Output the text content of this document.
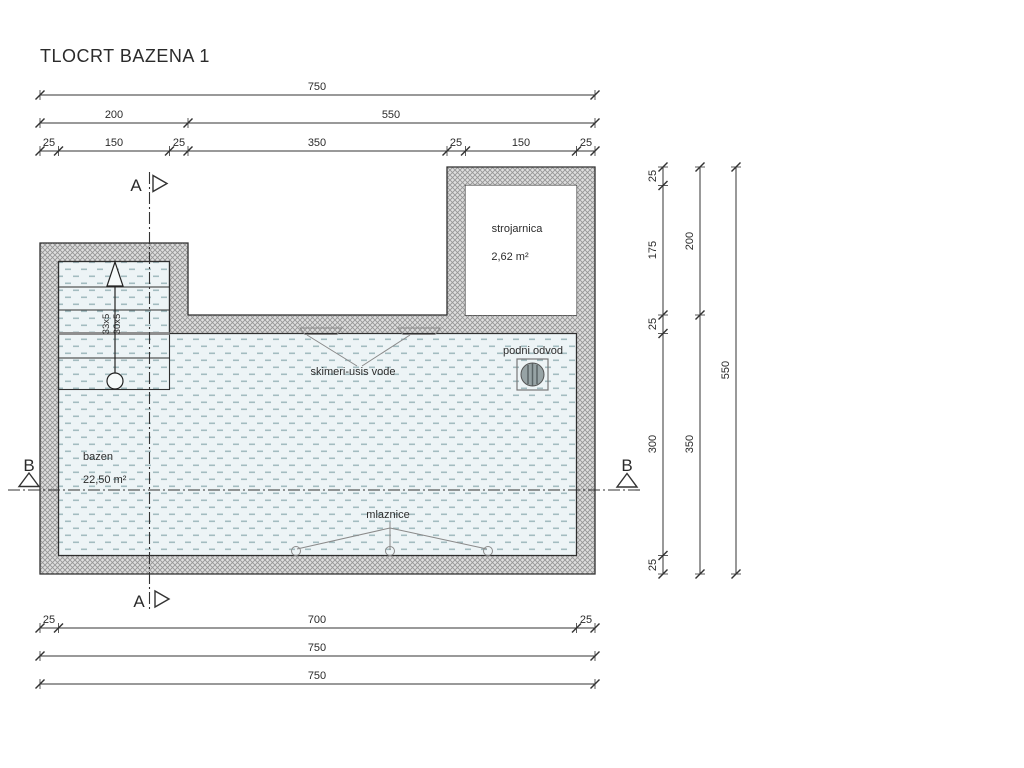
TLOCRT BAZENA 1
strojarnica
2,62 m²
33x5 30x5
bazen
22,50 m²
skimeri-usis vode
podni odvod
mlaznice
A
A
B	B
750
200	550
25	150	25	350	25	150	25
25
175
25
300
25
200
350
550
25	700	25
750
750
